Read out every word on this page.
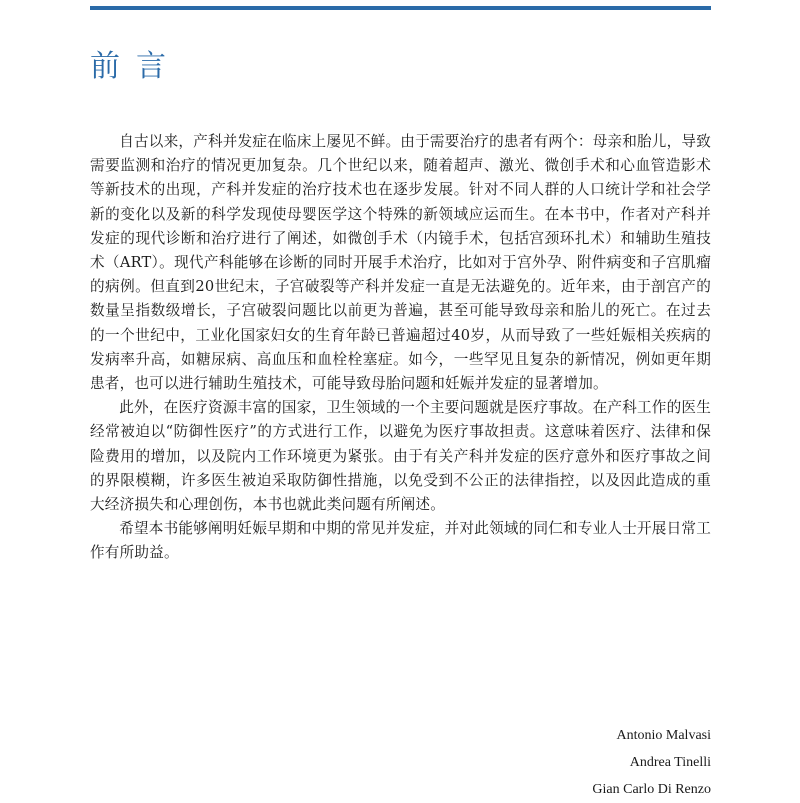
前言

自古以来，产科并发症在临床上屡见不鲜。由于需要治疗的患者有两个：母亲和胎儿，导致需要监测和治疗的情况更加复杂。几个世纪以来，随着超声、激光、微创手术和心血管造影术等新技术的出现，产科并发症的治疗技术也在逐步发展。针对不同人群的人口统计学和社会学新的变化以及新的科学发现使母婴医学这个特殊的新领域应运而生。在本书中，作者对产科并发症的现代诊断和治疗进行了阐述，如微创手术（内镜手术，包括宫颈环扎术）和辅助生殖技术（ART）。现代产科能够在诊断的同时开展手术治疗，比如对于宫外孕、附件病变和子宫肌瘤的病例。但直到20世纪末，子宫破裂等产科并发症一直是无法避免的。近年来，由于剖宫产的数量呈指数级增长，子宫破裂问题比以前更为普遍，甚至可能导致母亲和胎儿的死亡。在过去的一个世纪中，工业化国家妇女的生育年龄已普遍超过40岁，从而导致了一些妊娠相关疾病的发病率升高，如糖尿病、高血压和血栓栓塞症。如今，一些罕见且复杂的新情况，例如更年期患者，也可以进行辅助生殖技术，可能导致母胎问题和妊娠并发症的显著增加。

此外，在医疗资源丰富的国家，卫生领域的一个主要问题就是医疗事故。在产科工作的医生经常被迫以“防御性医疗”的方式进行工作，以避免为医疗事故担责。这意味着医疗、法律和保险费用的增加，以及院内工作环境更为紧张。由于有关产科并发症的医疗意外和医疗事故之间的界限模糊，许多医生被迫采取防御性措施，以免受到不公正的法律指控，以及因此造成的重大经济损失和心理创伤，本书也就此类问题有所阐述。

希望本书能够阐明妊娠早期和中期的常见并发症，并对此领域的同仁和专业人士开展日常工作有所助益。

Antonio Malvasi
Andrea Tinelli
Gian Carlo Di Renzo
